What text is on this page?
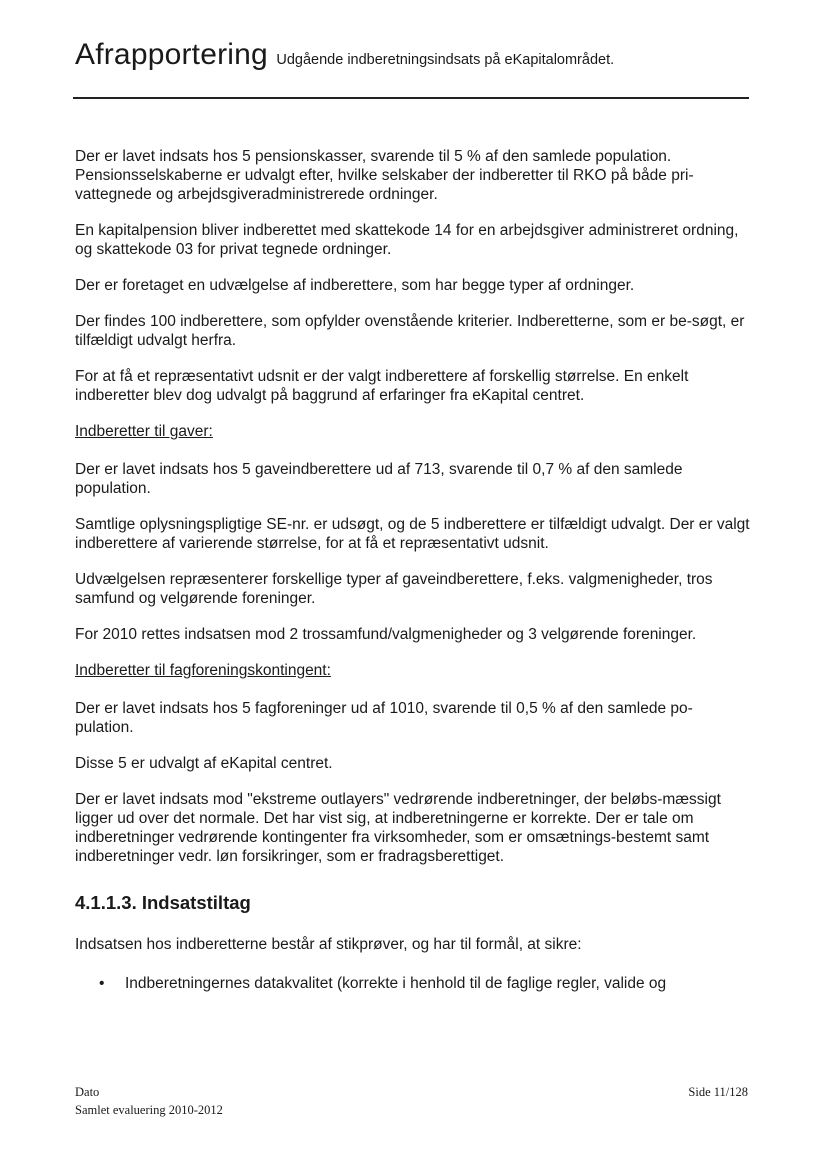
Afrapportering Udgående indberetningsindsats på eKapitalområdet.

Der er lavet indsats hos 5 pensionskasser, svarende til 5 % af den samlede population. Pensionsselskaberne er udvalgt efter, hvilke selskaber der indberetter til RKO på både pri-vattegnede og arbejdsgiveradministrerede ordninger.

En kapitalpension bliver indberettet med skattekode 14 for en arbejdsgiver administreret ordning, og skattekode 03 for privat tegnede ordninger.

Der er foretaget en udvælgelse af indberettere, som har begge typer af ordninger.

Der findes 100 indberettere, som opfylder ovenstående kriterier. Indberetterne, som er be-søgt, er tilfældigt udvalgt herfra.

For at få et repræsentativt udsnit er der valgt indberettere af forskellig størrelse. En enkelt indberetter blev dog udvalgt på baggrund af erfaringer fra eKapital centret.

Indberetter til gaver:

Der er lavet indsats hos 5 gaveindberettere ud af 713, svarende til 0,7 % af den samlede population.

Samtlige oplysningspligtige SE-nr. er udsøgt, og de 5 indberettere er tilfældigt udvalgt. Der er valgt indberettere af varierende størrelse, for at få et repræsentativt udsnit.

Udvælgelsen repræsenterer forskellige typer af gaveindberettere, f.eks. valgmenigheder, tros samfund og velgørende foreninger.

For 2010 rettes indsatsen mod 2 trossamfund/valgmenigheder og 3 velgørende foreninger.

Indberetter til fagforeningskontingent:

Der er lavet indsats hos 5 fagforeninger ud af 1010, svarende til 0,5 % af den samlede po-pulation.

Disse 5 er udvalgt af eKapital centret.

Der er lavet indsats mod "ekstreme outlayers" vedrørende indberetninger, der beløbs-mæssigt ligger ud over det normale. Det har vist sig, at indberetningerne er korrekte. Der er tale om indberetninger vedrørende kontingenter fra virksomheder, som er omsætnings-bestemt samt indberetninger vedr. løn forsikringer, som er fradragsberettiget.

4.1.1.3. Indsatstiltag

Indsatsen hos indberetterne består af stikprøver, og har til formål, at sikre:

• Indberetningernes datakvalitet (korrekte i henhold til de faglige regler, valide og
Dato
Samlet evaluering 2010-2012
Side 11/128
